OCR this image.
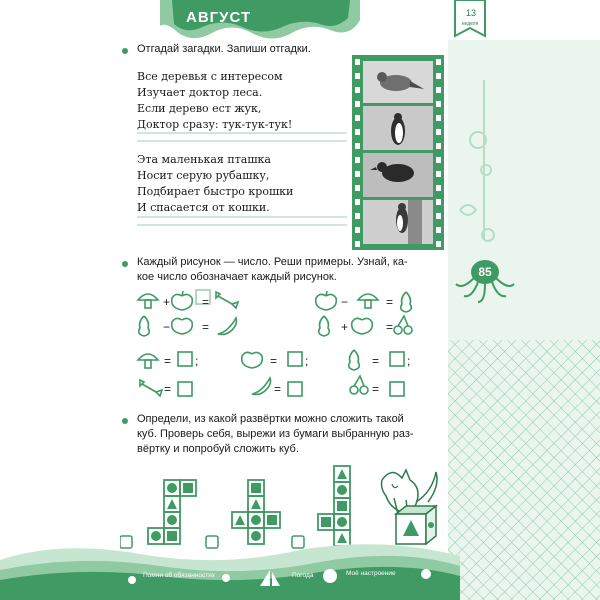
АВГУСТ	13
неделя
85
Отгадай загадки. Запиши отгадки.
Все деревья с интересом
Изучает доктор леса.
Если дерево ест жук,
Доктор сразу: тук-тук-тук!
Эта маленькая пташка
Носит серую рубашку,
Подбирает быстро крошки
И спасается от кошки.
Каждый рисунок — число. Реши примеры. Узнай, ка-
кое число обозначает каждый рисунок.
+	=	−	=
−	=	+	=
= ;	= ;	= ;
=	=	=
Определи, из какой развёртки можно сложить такой
куб. Проверь себя, вырежи из бумаги выбранную раз-
вёртку и попробуй сложить куб.
Помни об обязанностях	Погода	Моё настроение
